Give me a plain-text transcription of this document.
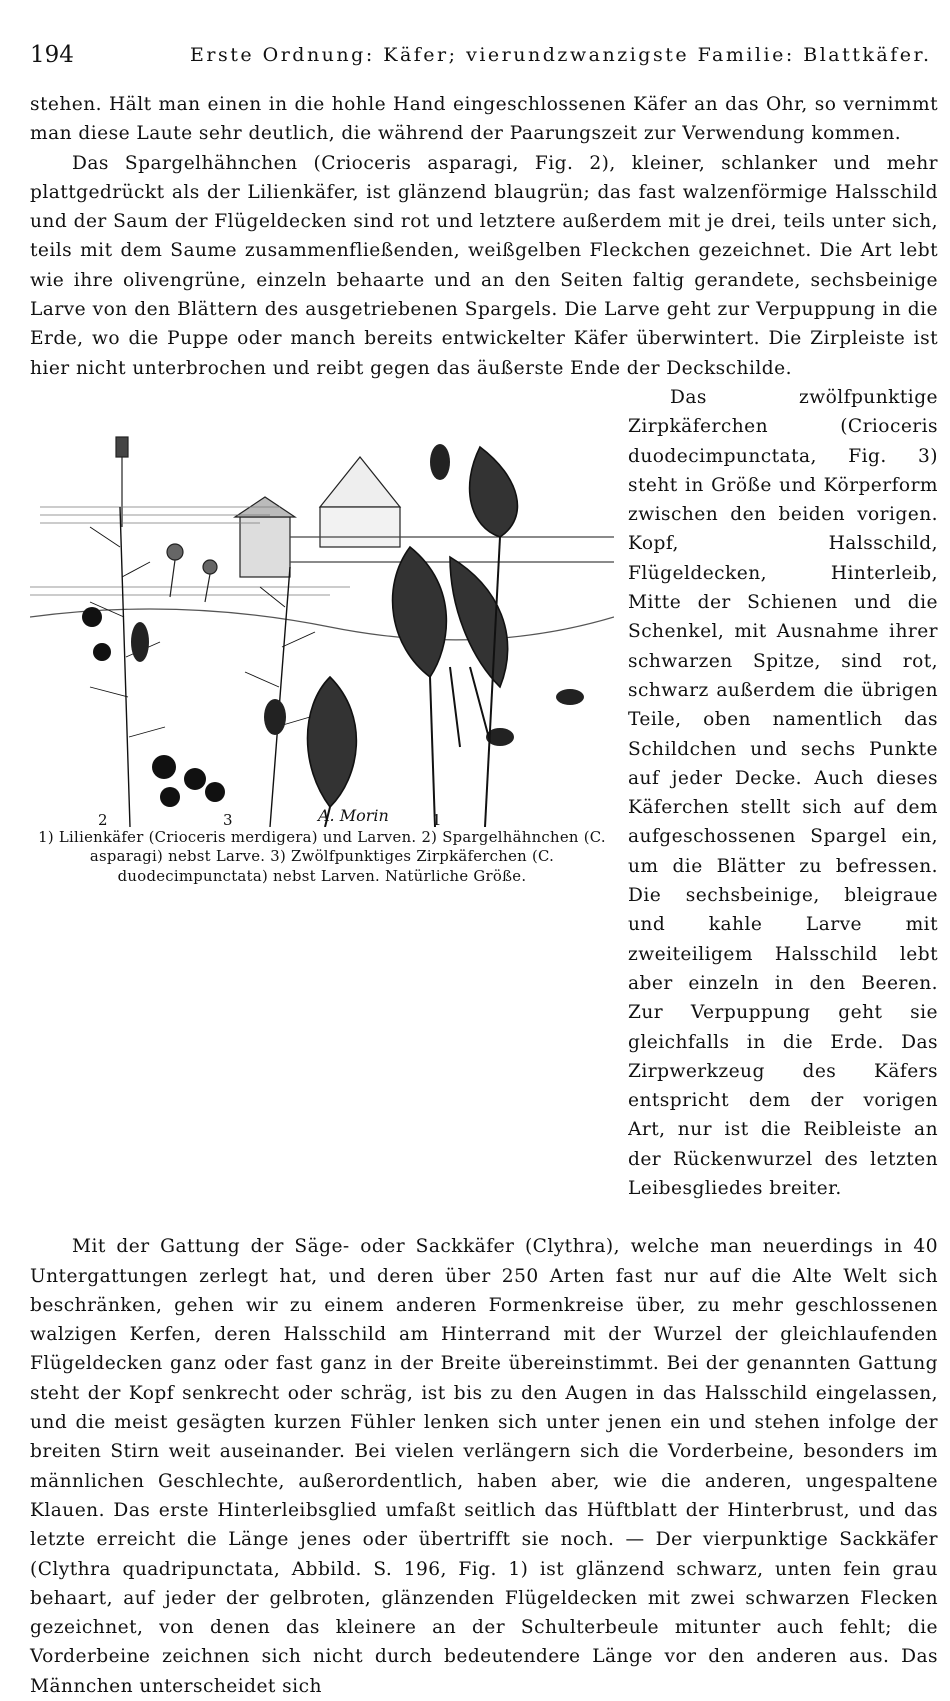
194	Erste Ordnung: Käfer; vierundzwanzigste Familie: Blattkäfer.

stehen. Hält man einen in die hohle Hand eingeschlossenen Käfer an das Ohr, so vernimmt man diese Laute sehr deutlich, die während der Paarungszeit zur Verwendung kommen.

Das Spargelhähnchen (Crioceris asparagi, Fig. 2), kleiner, schlanker und mehr plattgedrückt als der Lilienkäfer, ist glänzend blaugrün; das fast walzenförmige Halsschild und der Saum der Flügeldecken sind rot und letztere außerdem mit je drei, teils unter sich, teils mit dem Saume zusammenfließenden, weißgelben Fleckchen gezeichnet. Die Art lebt wie ihre olivengrüne, einzeln behaarte und an den Seiten faltig gerandete, sechsbeinige Larve von den Blättern des ausgetriebenen Spargels. Die Larve geht zur Verpuppung in die Erde, wo die Puppe oder manch bereits entwickelter Käfer überwintert. Die Zirpleiste ist hier nicht unterbrochen und reibt gegen das äußerste Ende der Deckschilde.

A. Morin
2	3	1
1) Lilienkäfer (Crioceris merdigera) und Larven. 2) Spargelhähnchen (C. asparagi) nebst Larve. 3) Zwölfpunktiges Zirpkäferchen (C. duodecimpunctata) nebst Larven. Natürliche Größe.

Das zwölfpunktige Zirpkäferchen (Crioceris duodecimpunctata, Fig. 3) steht in Größe und Körperform zwischen den beiden vorigen. Kopf, Halsschild, Flügeldecken, Hinterleib, Mitte der Schienen und die Schenkel, mit Ausnahme ihrer schwarzen Spitze, sind rot, schwarz außerdem die übrigen Teile, oben namentlich das Schildchen und sechs Punkte auf jeder Decke. Auch dieses Käferchen stellt sich auf dem aufgeschossenen Spargel ein, um die Blätter zu befressen. Die sechsbeinige, bleigraue und kahle Larve mit zweiteiligem Halsschild lebt aber einzeln in den Beeren. Zur Verpuppung geht sie gleichfalls in die Erde. Das Zirpwerkzeug des Käfers entspricht dem der vorigen Art, nur ist die Reibleiste an der Rückenwurzel des letzten Leibesgliedes breiter.

Mit der Gattung der Säge- oder Sackkäfer (Clythra), welche man neuerdings in 40 Untergattungen zerlegt hat, und deren über 250 Arten fast nur auf die Alte Welt sich beschränken, gehen wir zu einem anderen Formenkreise über, zu mehr geschlossenen walzigen Kerfen, deren Halsschild am Hinterrand mit der Wurzel der gleichlaufenden Flügeldecken ganz oder fast ganz in der Breite übereinstimmt. Bei der genannten Gattung steht der Kopf senkrecht oder schräg, ist bis zu den Augen in das Halsschild eingelassen, und die meist gesägten kurzen Fühler lenken sich unter jenen ein und stehen infolge der breiten Stirn weit auseinander. Bei vielen verlängern sich die Vorderbeine, besonders im männlichen Geschlechte, außerordentlich, haben aber, wie die anderen, ungespaltene Klauen. Das erste Hinterleibsglied umfaßt seitlich das Hüftblatt der Hinterbrust, und das letzte erreicht die Länge jenes oder übertrifft sie noch. — Der vierpunktige Sackkäfer (Clythra quadripunctata, Abbild. S. 196, Fig. 1) ist glänzend schwarz, unten fein grau behaart, auf jeder der gelbroten, glänzenden Flügeldecken mit zwei schwarzen Flecken gezeichnet, von denen das kleinere an der Schulterbeule mitunter auch fehlt; die Vorderbeine zeichnen sich nicht durch bedeutendere Länge vor den anderen aus. Das Männchen unterscheidet sich
